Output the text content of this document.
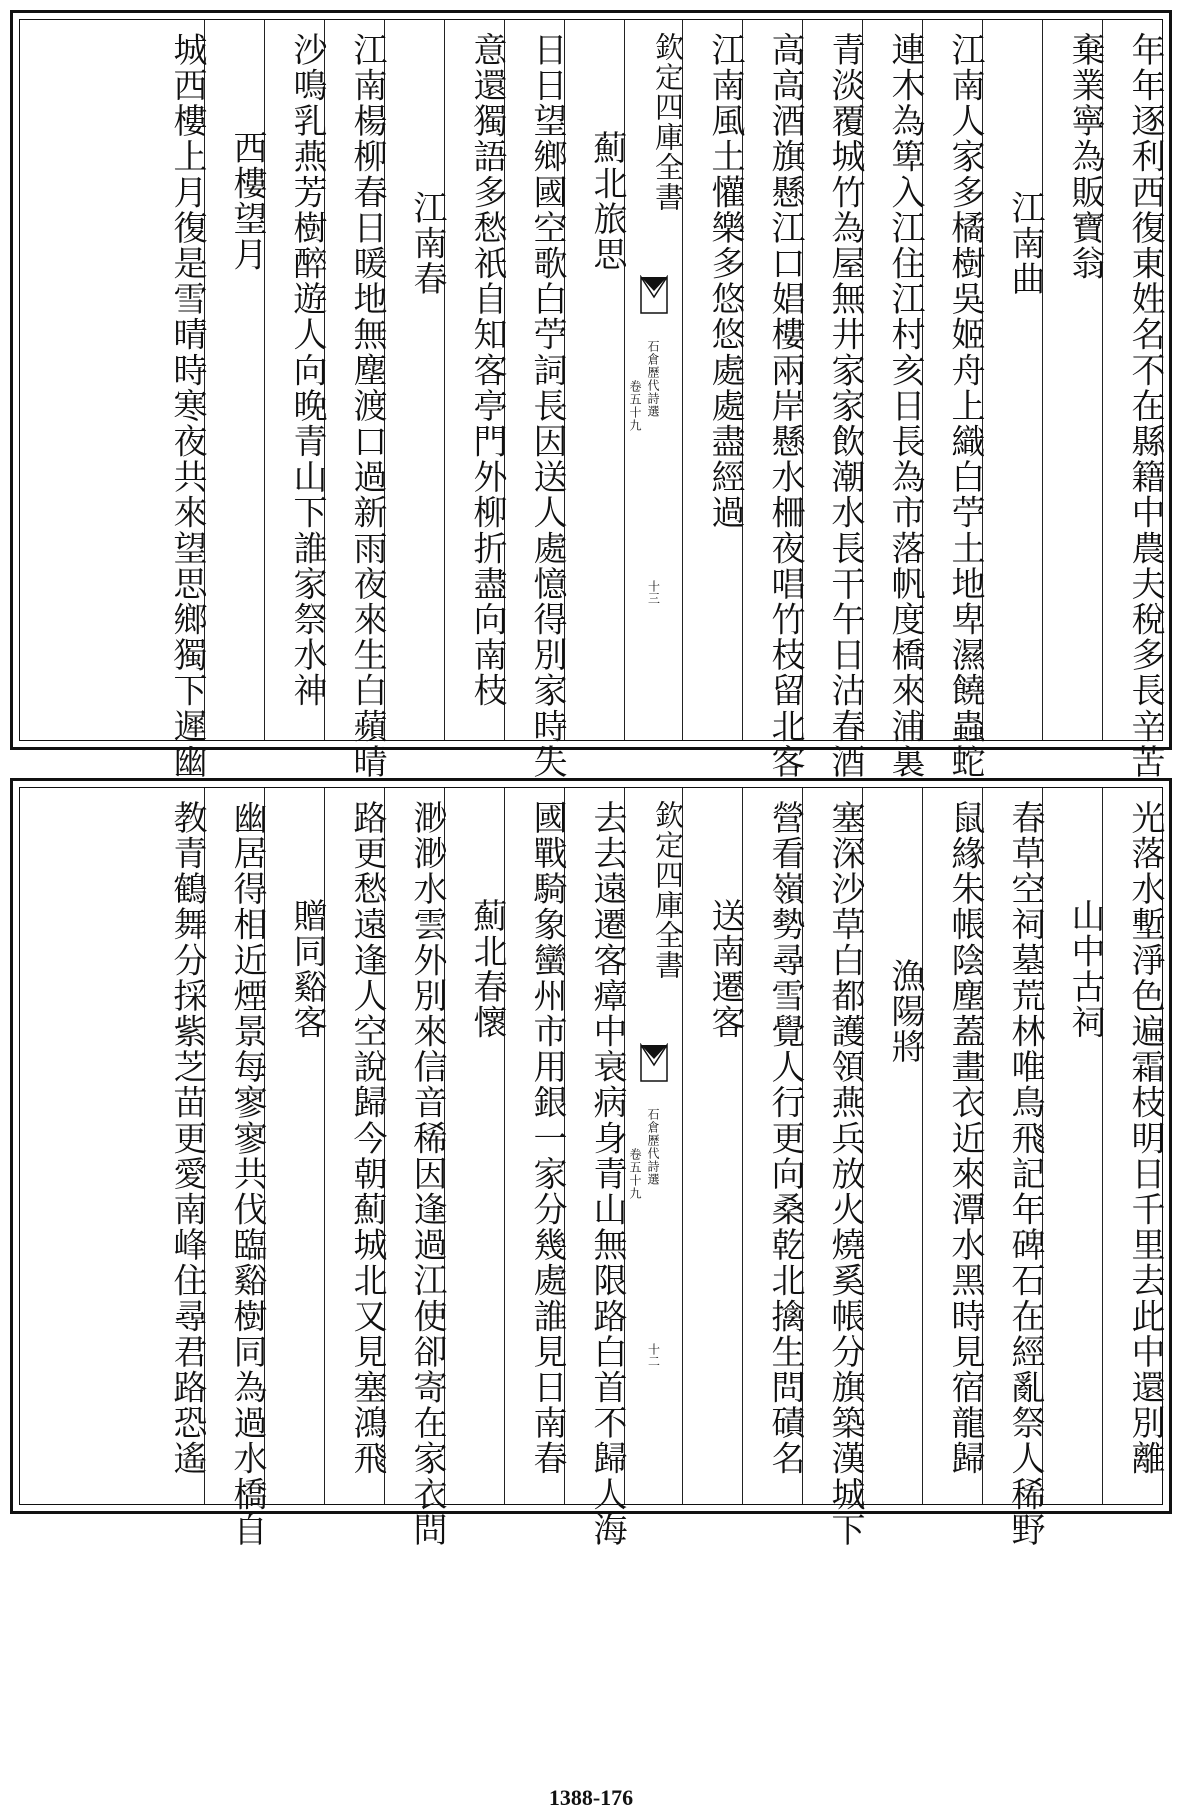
年年逐利西復東姓名不在縣籍中農夫稅多長辛苦
棄業寧為販寶翁
江南曲
江南人家多橘樹吳姬舟上織白苧土地卑濕饒蟲蛇
連木為箄入江住江村亥日長為市落帆度橋來浦裏
青淡覆城竹為屋無井家家飲潮水長干午日沽春酒
高高酒旗懸江口娼樓兩岸懸水柵夜唱竹枝留北客
江南風土懽樂多悠悠處處盡經過
欽定四庫全書
石倉歷代詩選
卷五十九
十三
薊北旅思
日日望鄉國空歌白苧詞長因送人處憶得別家時失
意還獨語多愁祇自知客亭門外柳折盡向南枝
江南春
江南楊柳春日暖地無塵渡口過新雨夜來生白蘋晴
沙鳴乳燕芳樹醉遊人向晚青山下誰家祭水神
西樓望月
城西樓上月復是雪晴時寒夜共來望思鄉獨下遲幽
光落水塹淨色遍霜枝明日千里去此中還別離
山中古祠
春草空祠墓荒林唯鳥飛記年碑石在經亂祭人稀野
鼠緣朱帳陰塵蓋畫衣近來潭水黑時見宿龍歸
漁陽將
塞深沙草白都護領燕兵放火燒奚帳分旗築漢城下
營看嶺勢尋雪覺人行更向桑乾北擒生問磧名
送南遷客
欽定四庫全書
石倉歷代詩選
卷五十九
十二
去去遠遷客瘴中衰病身青山無限路白首不歸人海
國戰騎象蠻州市用銀一家分幾處誰見日南春
薊北春懷
渺渺水雲外別來信音稀因逢過江使卻寄在家衣問
路更愁遠逢人空說歸今朝薊城北又見塞鴻飛
贈同谿客
幽居得相近煙景每寥寥共伐臨谿樹同為過水橋自
教青鶴舞分採紫芝苗更愛南峰住尋君路恐遙
1388-176
